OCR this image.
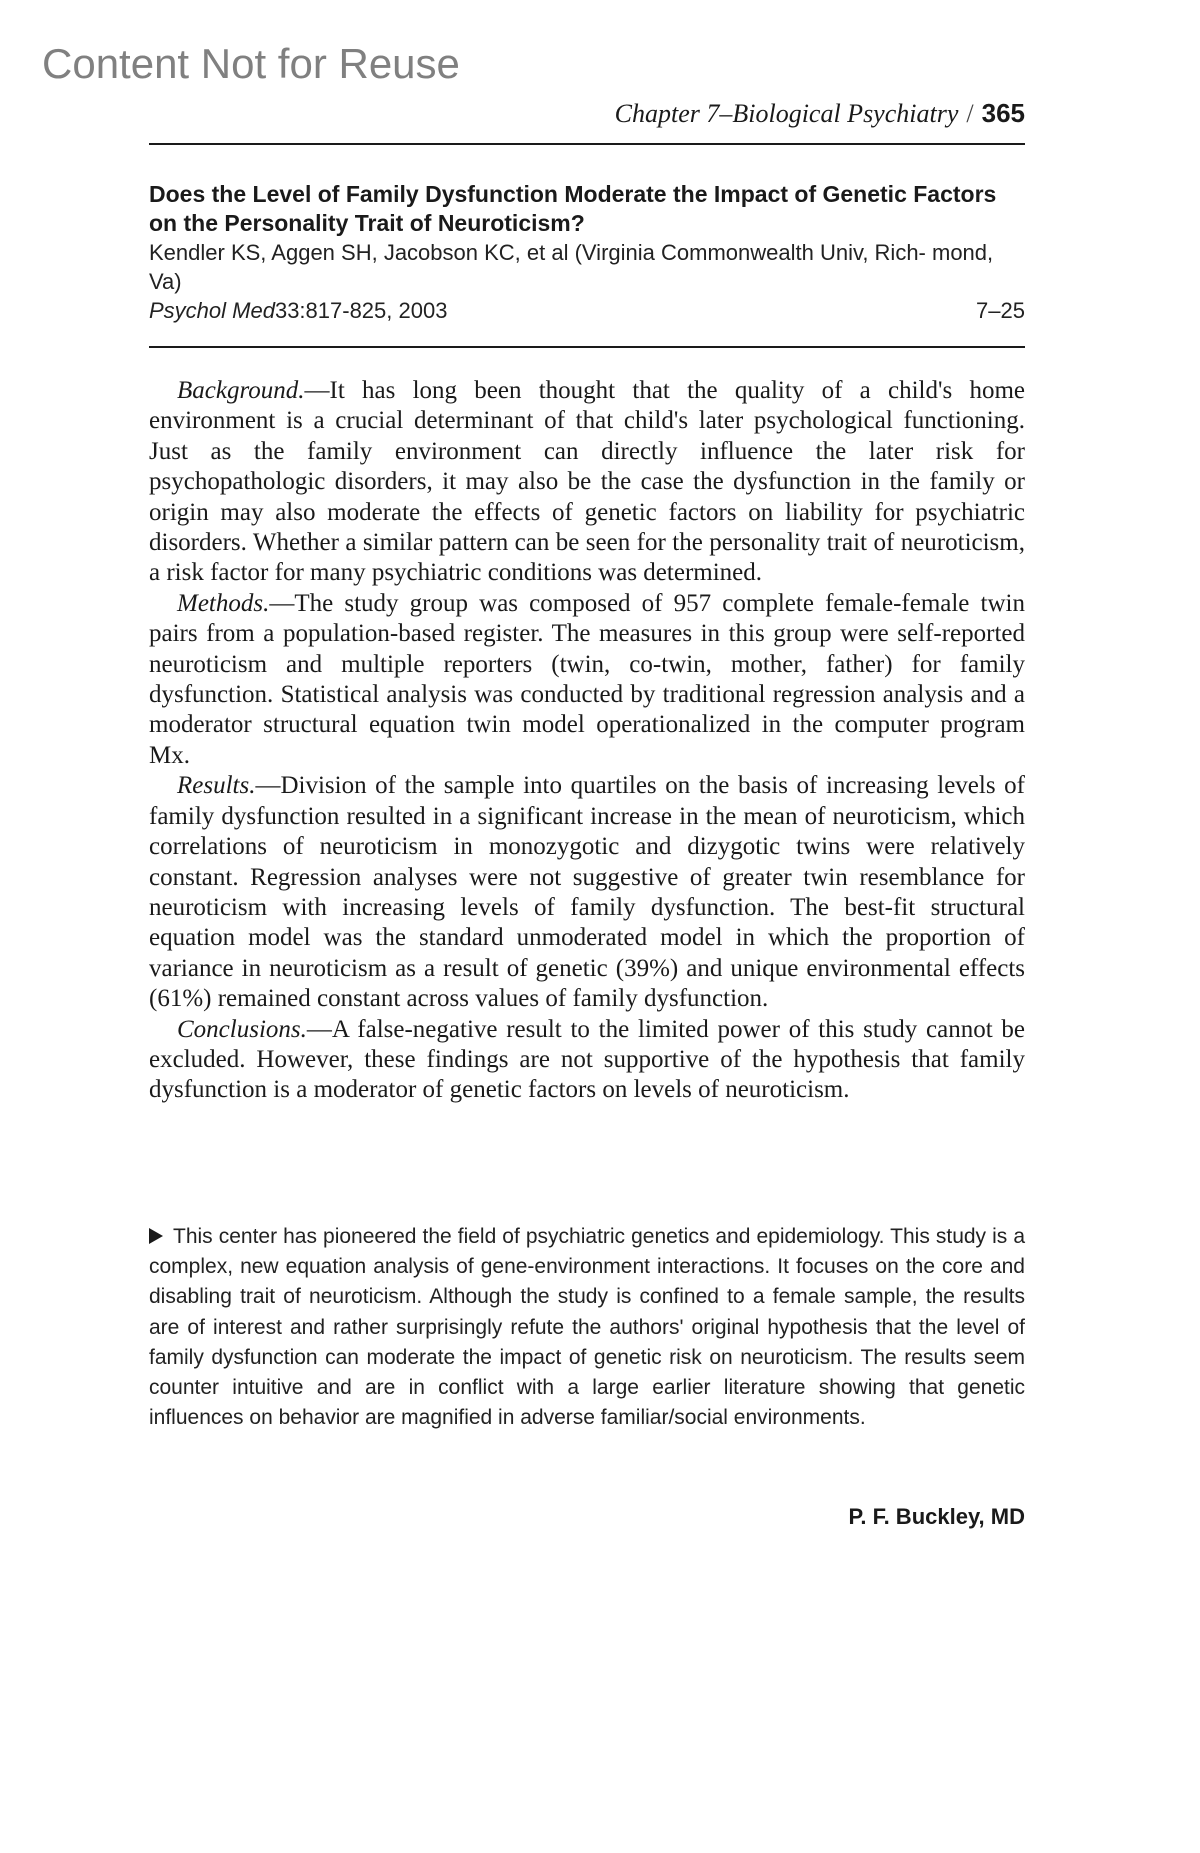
Content Not for Reuse
Chapter 7–Biological Psychiatry / 365

Does the Level of Family Dysfunction Moderate the Impact of Genetic Factors on the Personality Trait of Neuroticism?

Kendler KS, Aggen SH, Jacobson KC, et al (Virginia Commonwealth Univ, Rich- mond, Va)

Psychol Med33:817-825, 2003	7–25

Background.—It has long been thought that the quality of a child's home environment is a crucial determinant of that child's later psychological functioning. Just as the family environment can directly influence the later risk for psychopathologic disorders, it may also be the case the dysfunction in the family or origin may also moderate the effects of genetic factors on liability for psychiatric disorders. Whether a similar pattern can be seen for the personality trait of neuroticism, a risk factor for many psychiatric conditions was determined.

Methods.—The study group was composed of 957 complete female-female twin pairs from a population-based register. The measures in this group were self-reported neuroticism and multiple reporters (twin, co-twin, mother, father) for family dysfunction. Statistical analysis was conducted by traditional regression analysis and a moderator structural equation twin model operationalized in the computer program Mx.

Results.—Division of the sample into quartiles on the basis of increasing levels of family dysfunction resulted in a significant increase in the mean of neuroticism, which correlations of neuroticism in monozygotic and dizygotic twins were relatively constant. Regression analyses were not suggestive of greater twin resemblance for neuroticism with increasing levels of family dysfunction. The best-fit structural equation model was the standard unmoderated model in which the proportion of variance in neuroticism as a result of genetic (39%) and unique environmental effects (61%) remained constant across values of family dysfunction.

Conclusions.—A false-negative result to the limited power of this study cannot be excluded. However, these findings are not supportive of the hypothesis that family dysfunction is a moderator of genetic factors on levels of neuroticism.

This center has pioneered the field of psychiatric genetics and epidemiology. This study is a complex, new equation analysis of gene-environment interactions. It focuses on the core and disabling trait of neuroticism. Although the study is confined to a female sample, the results are of interest and rather surprisingly refute the authors' original hypothesis that the level of family dysfunction can moderate the impact of genetic risk on neuroticism. The results seem counter intuitive and are in conflict with a large earlier literature showing that genetic influences on behavior are magnified in adverse familiar/social environments.

P. F. Buckley, MD
